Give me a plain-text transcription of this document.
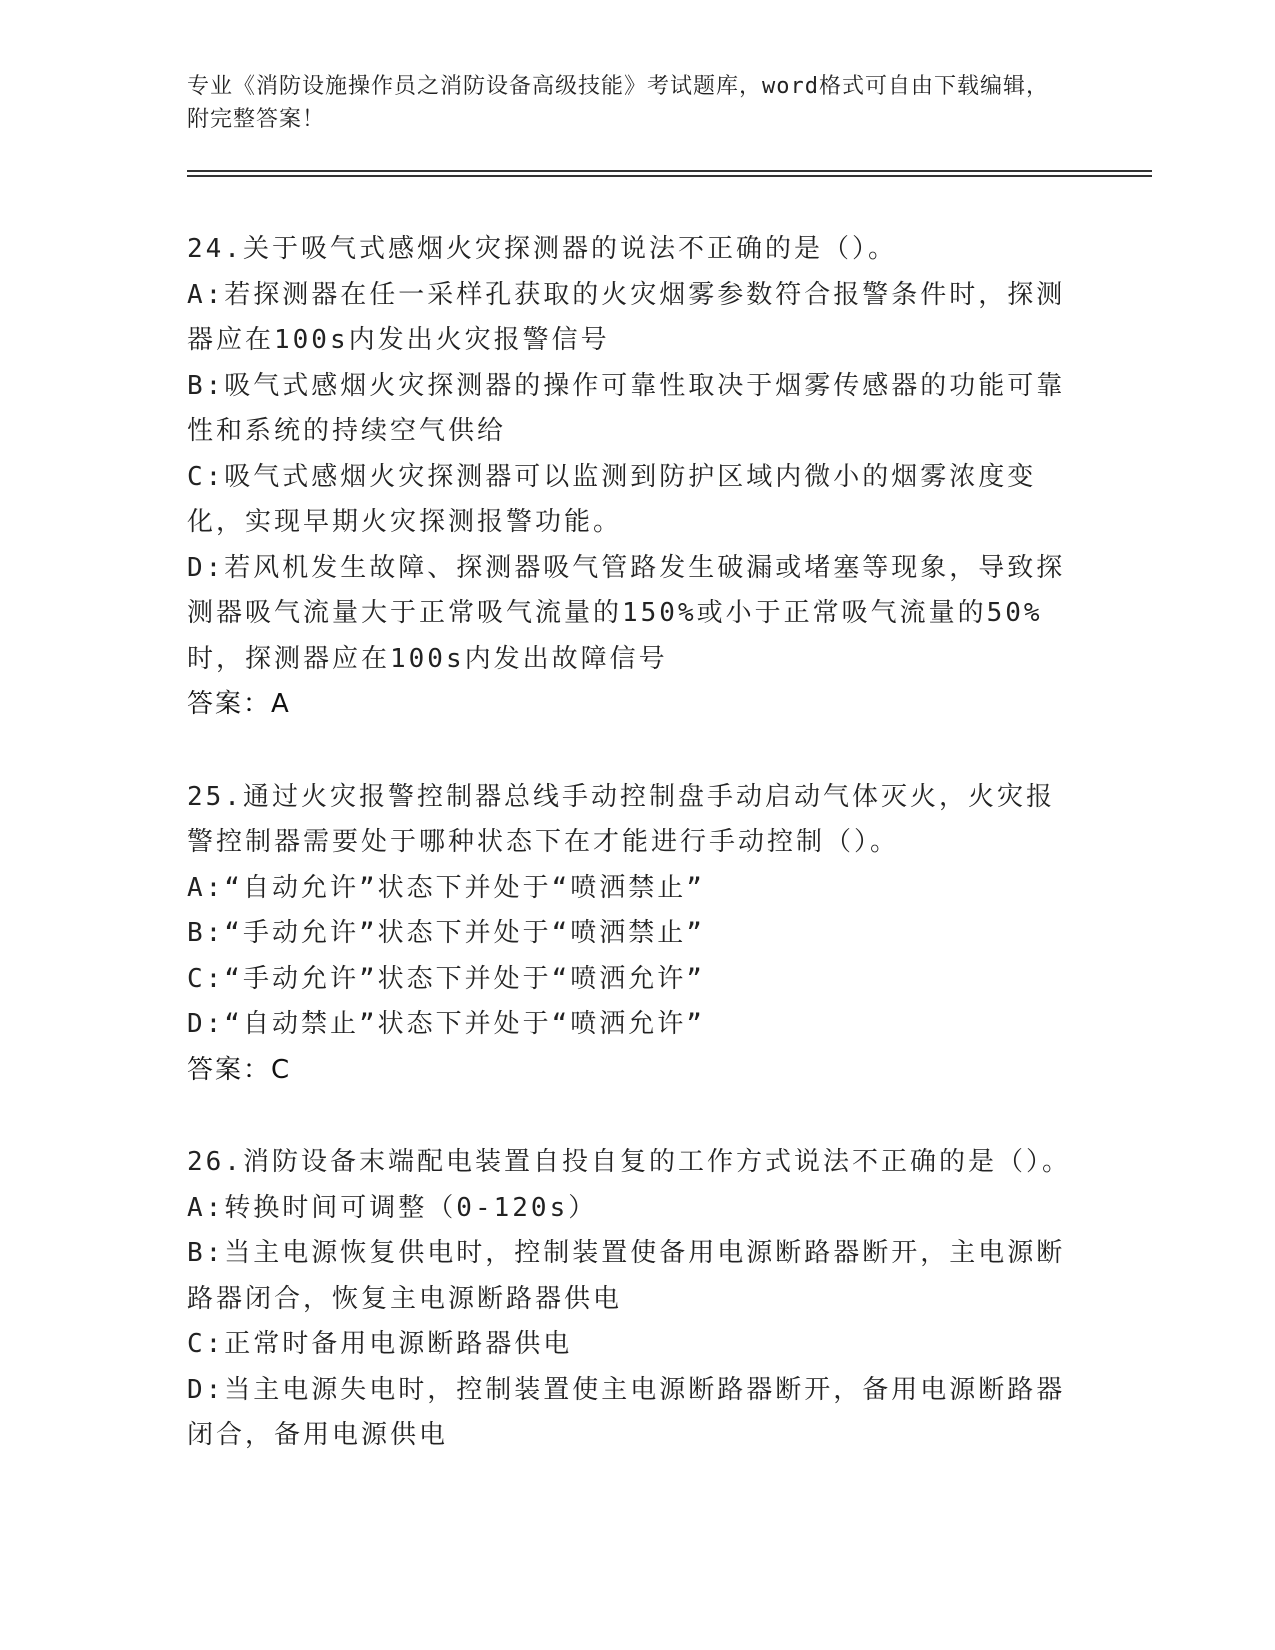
专业《消防设施操作员之消防设备高级技能》考试题库，word格式可自由下载编辑，附完整答案！
24.关于吸气式感烟火灾探测器的说法不正确的是（）。
A:若探测器在任一采样孔获取的火灾烟雾参数符合报警条件时，探测器应在100s内发出火灾报警信号
B:吸气式感烟火灾探测器的操作可靠性取决于烟雾传感器的功能可靠性和系统的持续空气供给
C:吸气式感烟火灾探测器可以监测到防护区域内微小的烟雾浓度变化，实现早期火灾探测报警功能。
D:若风机发生故障、探测器吸气管路发生破漏或堵塞等现象，导致探测器吸气流量大于正常吸气流量的150%或小于正常吸气流量的50%时，探测器应在100s内发出故障信号
答案：A
25.通过火灾报警控制器总线手动控制盘手动启动气体灭火，火灾报警控制器需要处于哪种状态下在才能进行手动控制（）。
A:“自动允许”状态下并处于“喷洒禁止”
B:“手动允许”状态下并处于“喷洒禁止”
C:“手动允许”状态下并处于“喷洒允许”
D:“自动禁止”状态下并处于“喷洒允许”
答案：C
26.消防设备末端配电装置自投自复的工作方式说法不正确的是（）。
A:转换时间可调整（0-120s）
B:当主电源恢复供电时，控制装置使备用电源断路器断开，主电源断路器闭合，恢复主电源断路器供电
C:正常时备用电源断路器供电
D:当主电源失电时，控制装置使主电源断路器断开，备用电源断路器闭合，备用电源供电
